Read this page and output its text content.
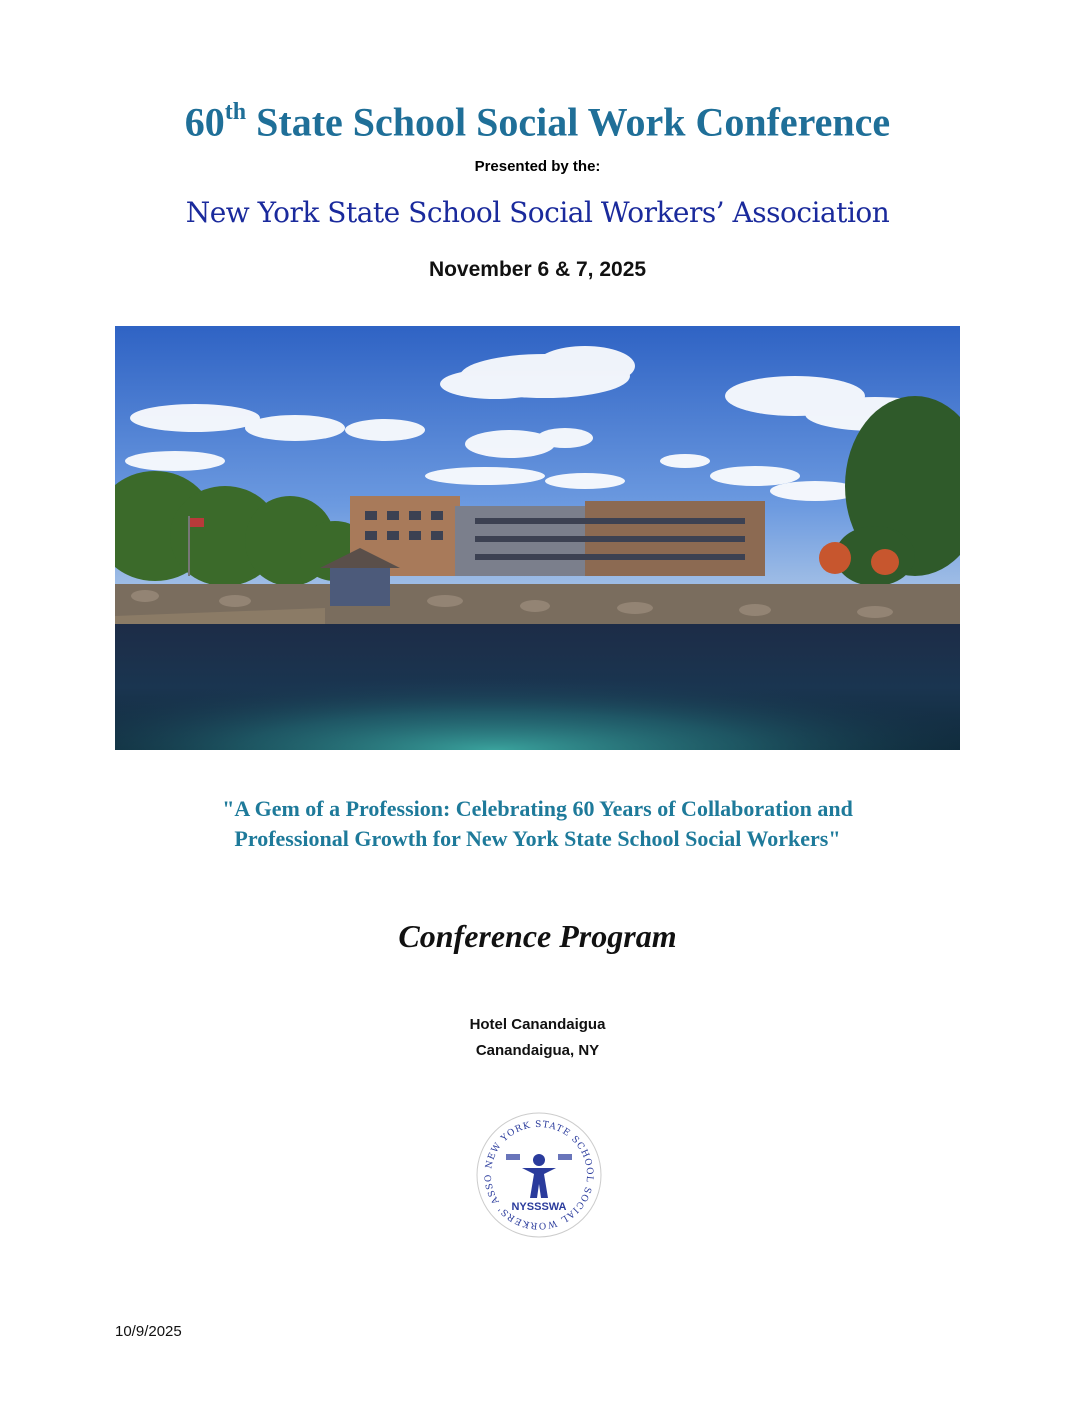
60th State School Social Work Conference
Presented by the:
New York State School Social Workers’ Association
November 6 & 7, 2025
"A Gem of a Profession: Celebrating 60 Years of Collaboration and
Professional Growth for New York State School Social Workers"
Conference Program
Hotel Canandaigua
Canandaigua, NY
NEW YORK STATE SCHOOL SOCIAL WORKERS' ASSO
NYSSSWA
10/9/2025
